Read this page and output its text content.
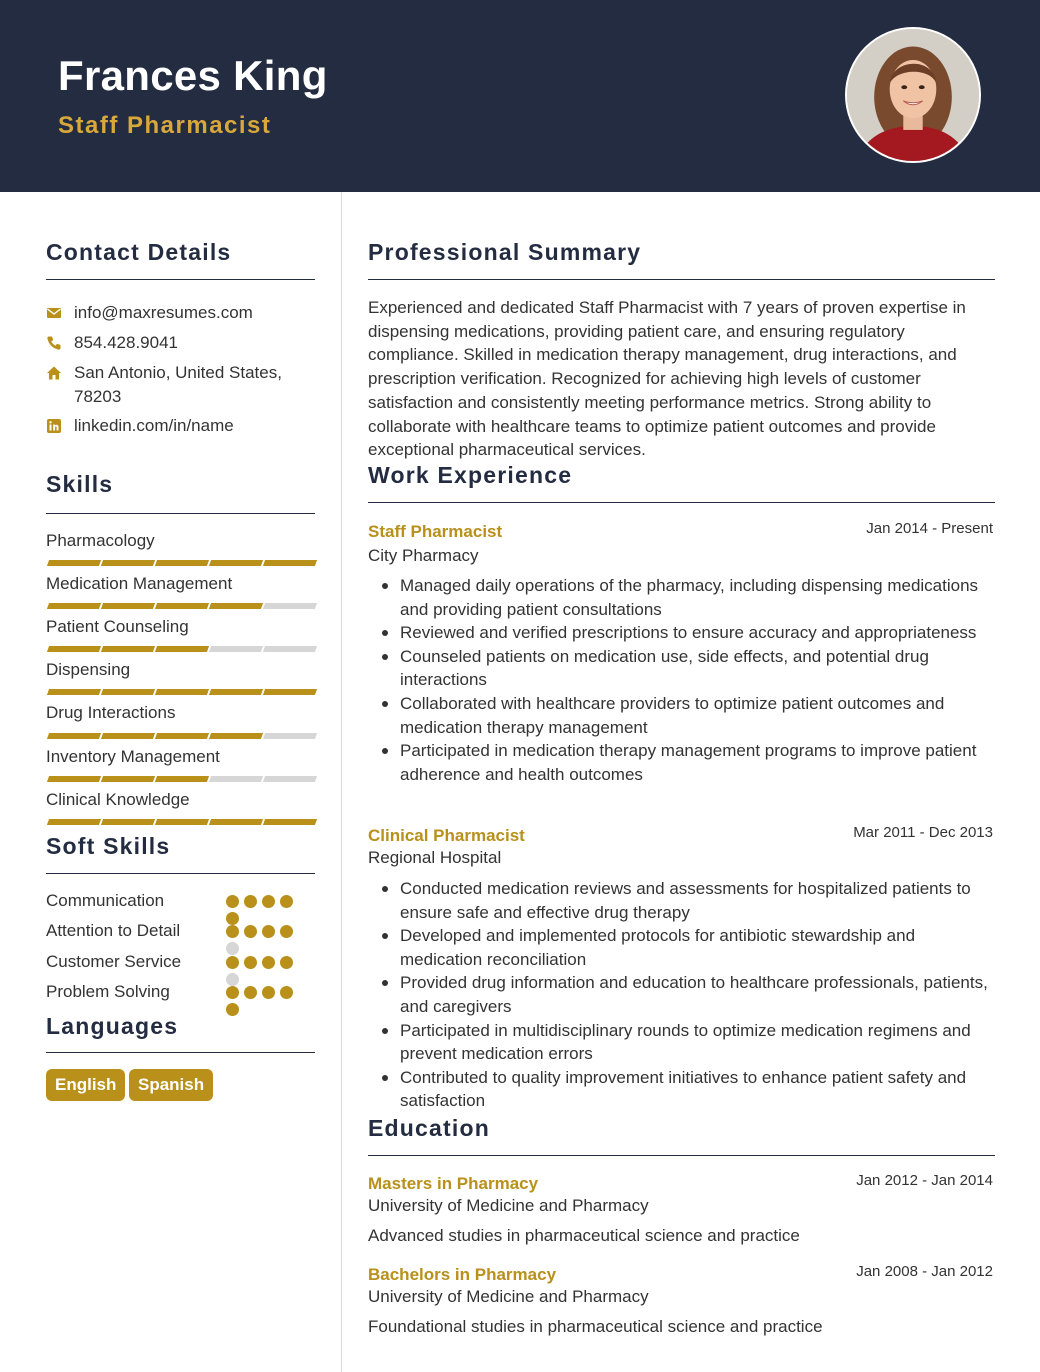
Frances King
Staff Pharmacist
Contact Details
info@maxresumes.com
854.428.9041
San Antonio, United States, 78203
linkedin.com/in/name
Skills
Pharmacology
Medication Management
Patient Counseling
Dispensing
Drug Interactions
Inventory Management
Clinical Knowledge
Soft Skills
Communication
Attention to Detail
Customer Service
Problem Solving
Languages
English	Spanish
Professional Summary
Experienced and dedicated Staff Pharmacist with 7 years of proven expertise in dispensing medications, providing patient care, and ensuring regulatory compliance. Skilled in medication therapy management, drug interactions, and prescription verification. Recognized for achieving high levels of customer satisfaction and consistently meeting performance metrics. Strong ability to collaborate with healthcare teams to optimize patient outcomes and provide exceptional pharmaceutical services.
Work Experience
Staff Pharmacist	Jan 2014 - Present
City Pharmacy
Managed daily operations of the pharmacy, including dispensing medications and providing patient consultations
Reviewed and verified prescriptions to ensure accuracy and appropriateness
Counseled patients on medication use, side effects, and potential drug interactions
Collaborated with healthcare providers to optimize patient outcomes and medication therapy management
Participated in medication therapy management programs to improve patient adherence and health outcomes
Clinical Pharmacist	Mar 2011 - Dec 2013
Regional Hospital
Conducted medication reviews and assessments for hospitalized patients to ensure safe and effective drug therapy
Developed and implemented protocols for antibiotic stewardship and medication reconciliation
Provided drug information and education to healthcare professionals, patients, and caregivers
Participated in multidisciplinary rounds to optimize medication regimens and prevent medication errors
Contributed to quality improvement initiatives to enhance patient safety and satisfaction
Education
Masters in Pharmacy	Jan 2012 - Jan 2014
University of Medicine and Pharmacy
Advanced studies in pharmaceutical science and practice
Bachelors in Pharmacy	Jan 2008 - Jan 2012
University of Medicine and Pharmacy
Foundational studies in pharmaceutical science and practice
